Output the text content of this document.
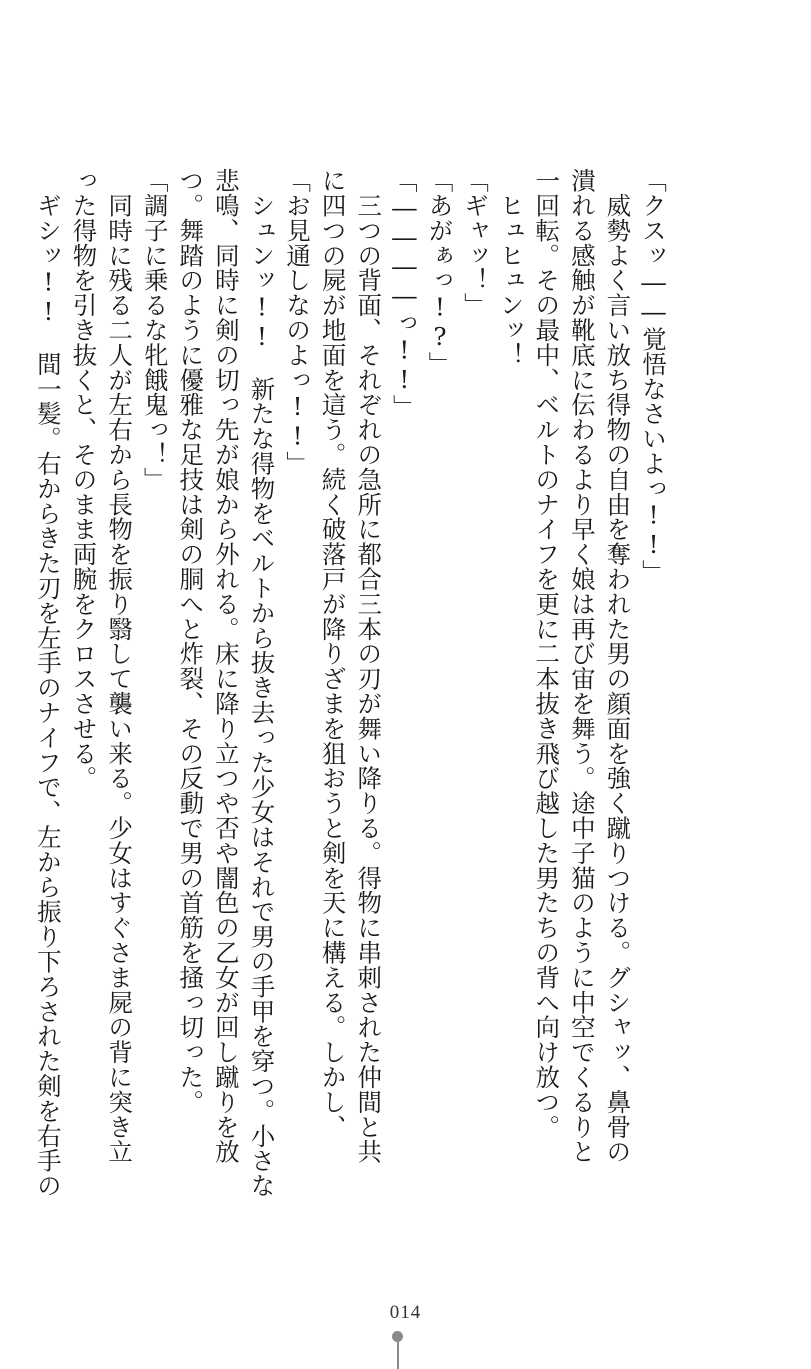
「クスッ――覚悟なさいよっ!!」
　威勢よく言い放ち得物の自由を奪われた男の顔面を強く蹴りつける。グシャッ、鼻骨の
潰れる感触が靴底に伝わるより早く娘は再び宙を舞う。途中子猫のように中空でくるりと
一回転。その最中、ベルトのナイフを更に二本抜き飛び越した男たちの背へ向け放つ。
　ヒュヒュンッ！
「ギャッ！」
「あがぁっ!?」
「――――っ!!」
　三つの背面、それぞれの急所に都合三本の刃が舞い降りる。得物に串刺された仲間と共
に四つの屍が地面を這う。続く破落戸が降りざまを狙おうと剣を天に構える。しかし、
「お見通しなのよっ!!」
　シュンッ!!　新たな得物をベルトから抜き去った少女はそれで男の手甲を穿つ。小さな
悲鳴、同時に剣の切っ先が娘から外れる。床に降り立つや否や闇色の乙女が回し蹴りを放
つ。舞踏のように優雅な足技は剣の胴へと炸裂、その反動で男の首筋を掻っ切った。
「調子に乗るな牝餓鬼っ！」
　同時に残る二人が左右から長物を振り翳して襲い来る。少女はすぐさま屍の背に突き立
った得物を引き抜くと、そのまま両腕をクロスさせる。
　ギシッ!!　間一髪。右からきた刃を左手のナイフで、左から振り下ろされた剣を右手の
014
